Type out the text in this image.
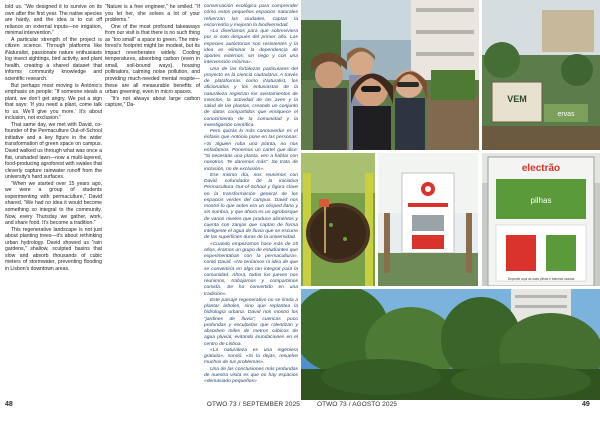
told us. “We designed it to survive on its own after the first year. The native species are hardy, and the idea is to cut off reliance on external inputs—no irrigation, minimal intervention.”

A particular strength of the project is citizen science. Through platforms like iNaturalist, passionate nature enthusiasts log insect sightings, bird activity, and plant health, creating a shared dataset that informs community knowledge and scientific research.

But perhaps most moving is António’s emphasis on people: “If someone steals a plant, we don’t get angry. We put a sign that says: ‘If you need a plant, come talk to us. We’ll give you more.’ It’s about inclusion, not exclusion.”

That same day, we met with David, co-founder of the Permaculture Out-of-School initiative and a key figure in the wider transformation of green space on campus. David walked us through what was once a flat, unshaded lawn—now a multi-layered, food-producing agroforest with swales that cleverly capture rainwater runoff from the university’s hard surfaces.

“When we started over 15 years ago, we were a group of students experimenting with permaculture,” David shared. “We had no idea it would become something so integral to the community. Now, every Thursday we gather, work, and share food. It’s become a tradition.”

This regenerative landscape is not just about planting trees—it’s about rethinking urban hydrology. David showed us “rain gardens,” shallow, sculpted basins that slow and absorb thousands of cubic meters of stormwater, preventing flooding in Lisbon’s downtown areas.

“Nature is a free engineer,” he smiled. “If you let her, she solves a lot of your problems.”

One of the most profound takeaways from our visit is that there is no such thing as “too small” a space to green. The mini-forest’s footprint might be modest, but its impact reverberates widely. Cooling temperatures, absorbing carbon (even in small, soil-bound ways), housing pollinators, calming noise pollution, and providing much-needed mental respite—these are all measurable benefits of urban greening, even in micro spaces.

“It’s not always about large carbon capture,” Da-

conservación ecológica para comprender cómo estos pequeños espacios naturales refuerzan las ciudades, captan la escorrentía y mejoran la biodiversidad.

«Lo diseñamos para que sobreviviera por sí solo después del primer año. Las especies autóctonas son resistentes y la idea es eliminar la dependencia de aportes externos: sin riego y con una intervención mínima».

Una de las fortalezas particulares del proyecto es la ciencia ciudadana. A través de plataformas como iNaturalist, los aficionados y los entusiastas de la naturaleza registran los avistamientos de insectos, la actividad de las aves y la salud de las plantas, creando un conjunto de datos compartidos que enriquece el conocimiento de la comunidad y la investigación científica.

Pero quizás lo más conmovedor es el énfasis que António pone en las personas: «Si alguien roba una planta, no nos enfadamos. Ponemos un cartel que dice: “Si necesitas una planta, ven a hablar con nosotros. Te daremos más”. Se trata de inclusión, no de exclusión».

Ese mismo día, nos reunimos con David, cofundador de la iniciativa Permacultura Out-of-School y figura clave en la transformación general de los espacios verdes del campus. David nos mostró lo que antes era un césped llano y sin sombra, y que ahora es un agrobosque de varios niveles que produce alimentos y cuenta con zanjas que captan de forma inteligente el agua de lluvia que se escurre de las superficies duras de la universidad.

«Cuando empezamos hace más de 15 años, éramos un grupo de estudiantes que experimentaban con la permacultura», contó David. «No teníamos ni idea de que se convertiría en algo tan integral para la comunidad. Ahora, todos los jueves nos reunimos, trabajamos y compartimos comida. Se ha convertido en una tradición».

Este paisaje regenerativo no se limita a plantar árboles, sino que replantea la hidrología urbana. David nos mostró los “jardines de lluvia”, cuencas poco profundas y esculpidas que ralentizan y absorben miles de metros cúbicos de agua pluvial, evitando inundaciones en el centro de Lisboa.

«La naturaleza es una ingeniera gratuita», sonrió. «Si la dejas, resuelve muchos de tus problemas».

Una de las conclusiones más profundas de nuestra visita es que no hay espacios «demasiado pequeños»

VEM
ervas
electrão
pilhas
Deposite aqui as suas pilhas e baterias usadas
48	OTWO 73 / SEPTEMBER 2025	OTWO 73 / AGOSTO 2025	49
